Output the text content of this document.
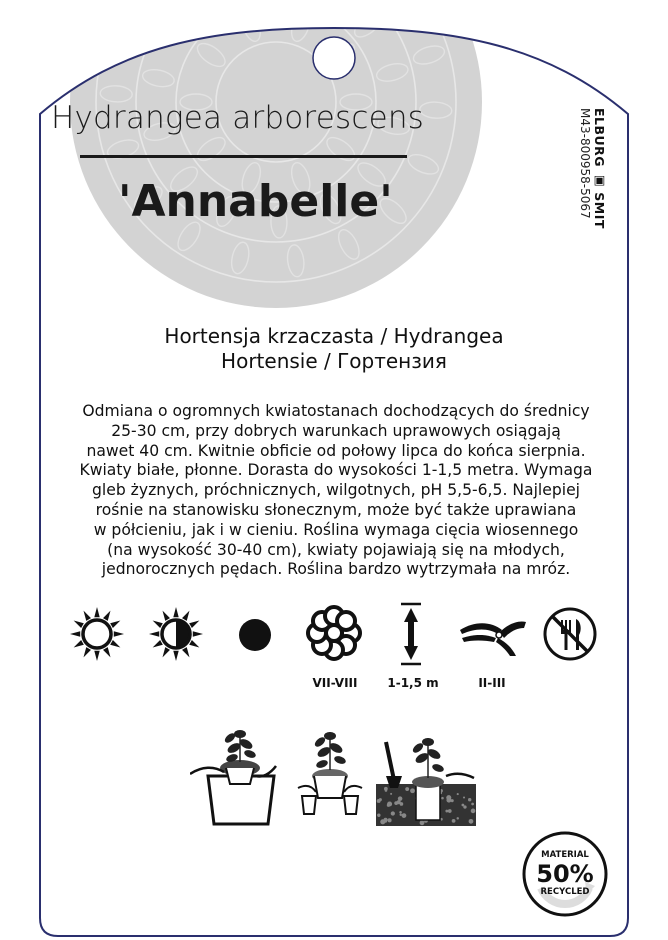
Hydrangea arborescens
'Annabelle'	ELBURG ▣ SMIT
M43-800958-5067
Hortensja krzaczasta / Hydrangea
Hortensie / Гортензия
Odmiana o ogromnych kwiatostanach dochodzących do średnicy
25-30 cm, przy dobrych warunkach uprawowych osiągają
nawet 40 cm. Kwitnie obficie od połowy lipca do końca sierpnia.
Kwiaty białe, płonne. Dorasta do wysokości 1-1,5 metra. Wymaga
gleb żyznych, próchnicznych, wilgotnych, pH 5,5-6,5. Najlepiej
rośnie na stanowisku słonecznym, może być także uprawiana
w półcieniu, jak i w cieniu. Roślina wymaga cięcia wiosennego
(na wysokość 30-40 cm), kwiaty pojawiają się na młodych,
jednorocznych pędach. Roślina bardzo wytrzymała na mróz.
VII-VIII	1-1,5 m	II-III
MATERIAL
50%
RECYCLED
